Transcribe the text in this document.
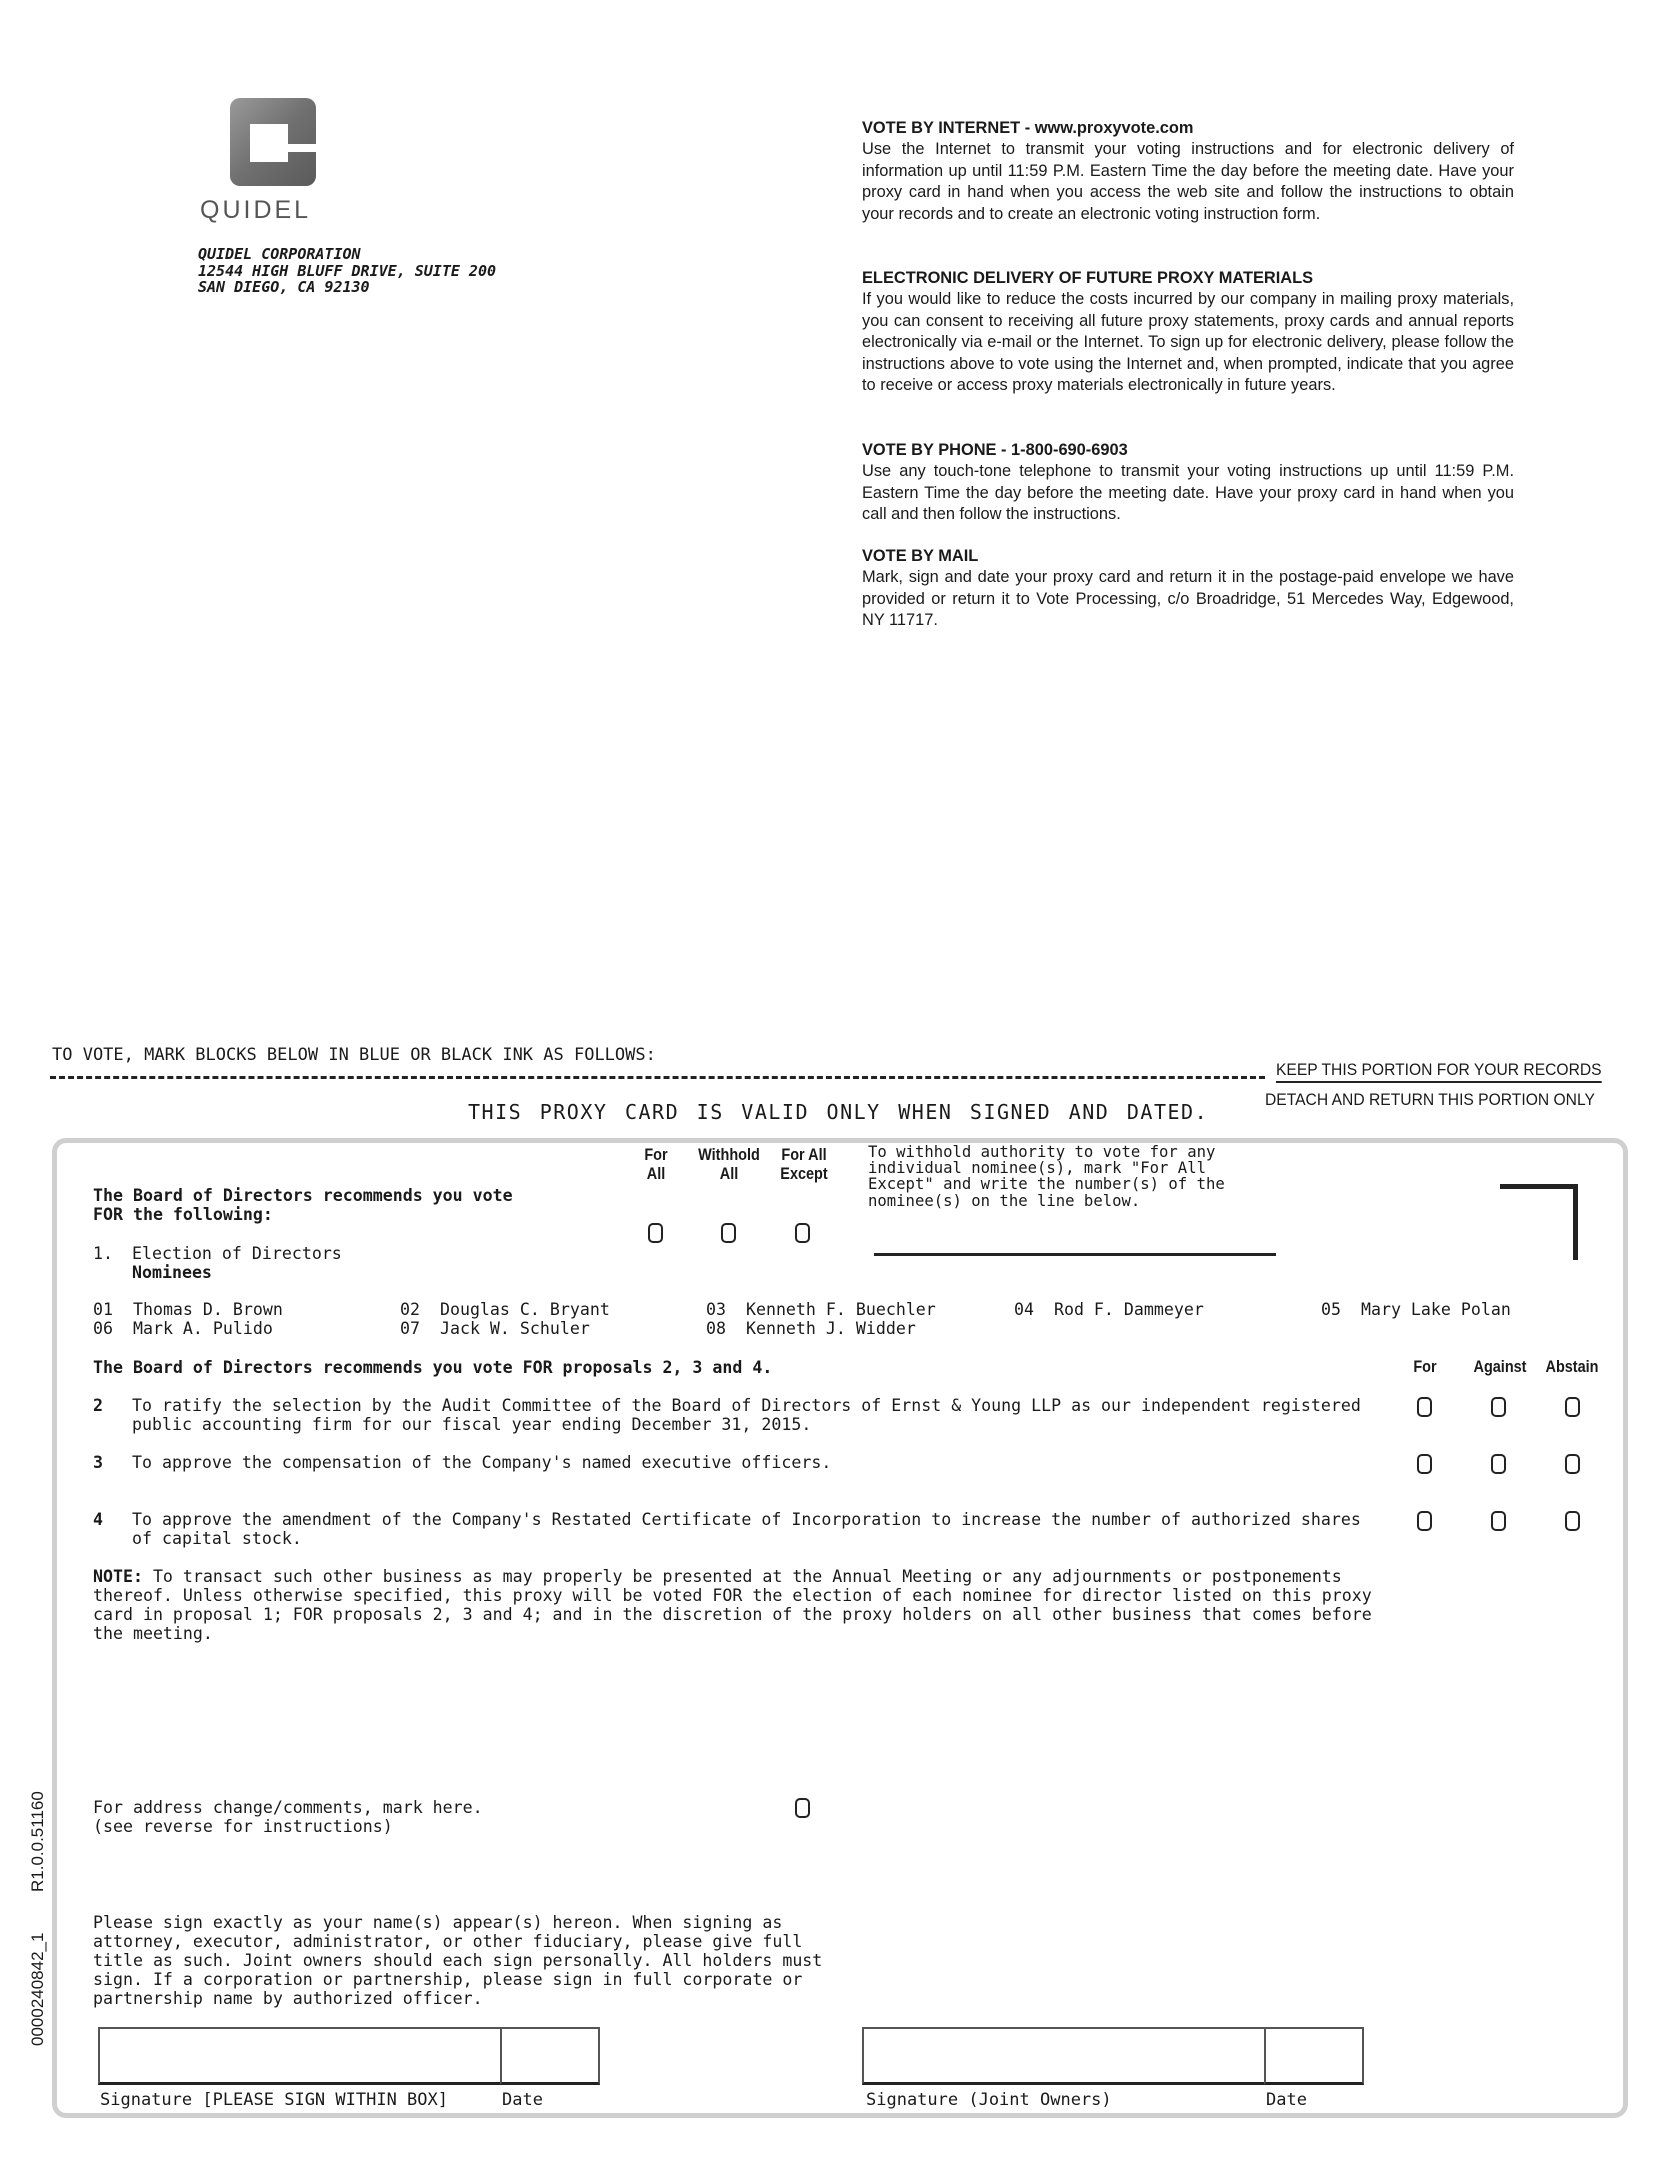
QUIDEL
QUIDEL CORPORATION
12544 HIGH BLUFF DRIVE, SUITE 200
SAN DIEGO, CA 92130
VOTE BY INTERNET - www.proxyvote.com

Use the Internet to transmit your voting instructions and for electronic delivery of information up until 11:59 P.M. Eastern Time the day before the meeting date. Have your proxy card in hand when you access the web site and follow the instructions to obtain your records and to create an electronic voting instruction form.

ELECTRONIC DELIVERY OF FUTURE PROXY MATERIALS

If you would like to reduce the costs incurred by our company in mailing proxy materials, you can consent to receiving all future proxy statements, proxy cards and annual reports electronically via e-mail or the Internet. To sign up for electronic delivery, please follow the instructions above to vote using the Internet and, when prompted, indicate that you agree to receive or access proxy materials electronically in future years.

VOTE BY PHONE - 1-800-690-6903

Use any touch-tone telephone to transmit your voting instructions up until 11:59 P.M. Eastern Time the day before the meeting date. Have your proxy card in hand when you call and then follow the instructions.

VOTE BY MAIL

Mark, sign and date your proxy card and return it in the postage-paid envelope we have provided or return it to Vote Processing, c/o Broadridge, 51 Mercedes Way, Edgewood, NY 11717.

TO VOTE, MARK BLOCKS BELOW IN BLUE OR BLACK INK AS FOLLOWS:
KEEP THIS PORTION FOR YOUR RECORDS
DETACH AND RETURN THIS PORTION ONLY
THIS PROXY CARD IS VALID ONLY WHEN SIGNED AND DATED.
The Board of Directors recommends you vote
FOR the following:
1. Election of Directors
Nominees
For
All
Withhold
All
For All
Except
To withhold authority to vote for any
individual nominee(s), mark "For All
Except" and write the number(s) of the
nominee(s) on the line below.
01 Thomas D. Brown	02 Douglas C. Bryant	03 Kenneth F. Buechler	04 Rod F. Dammeyer	05 Mary Lake Polan
06 Mark A. Pulido	07 Jack W. Schuler	08 Kenneth J. Widder
The Board of Directors recommends you vote FOR proposals 2, 3 and 4.	For	Against	Abstain
2 To ratify the selection by the Audit Committee of the Board of Directors of Ernst & Young LLP as our independent registered
public accounting firm for our fiscal year ending December 31, 2015.
3 To approve the compensation of the Company's named executive officers.
4 To approve the amendment of the Company's Restated Certificate of Incorporation to increase the number of authorized shares
of capital stock.
NOTE: To transact such other business as may properly be presented at the Annual Meeting or any adjournments or postponements
thereof. Unless otherwise specified, this proxy will be voted FOR the election of each nominee for director listed on this proxy
card in proposal 1; FOR proposals 2, 3 and 4; and in the discretion of the proxy holders on all other business that comes before
the meeting.
For address change/comments, mark here.
(see reverse for instructions)
Please sign exactly as your name(s) appear(s) hereon. When signing as
attorney, executor, administrator, or other fiduciary, please give full
title as such. Joint owners should each sign personally. All holders must
sign. If a corporation or partnership, please sign in full corporate or
partnership name by authorized officer.
Signature [PLEASE SIGN WITHIN BOX]	Date	Signature (Joint Owners)	Date
0000240842_1
R1.0.0.51160
